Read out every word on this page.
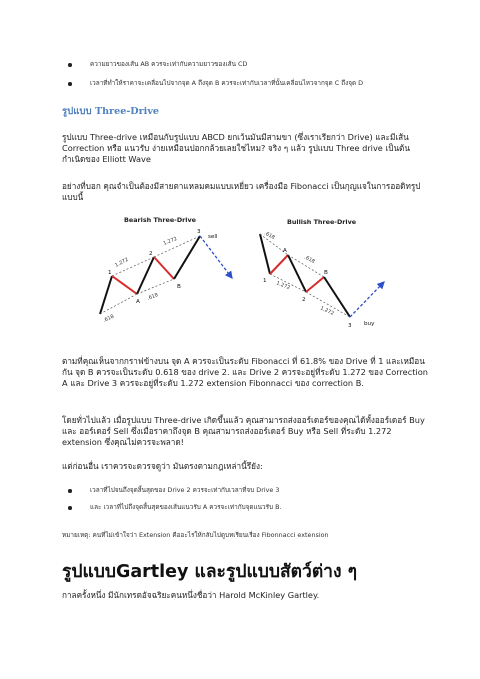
ความยาวของเส้น AB ควรจะเท่ากับความยาวของเส้น CD
เวลาที่ทำให้ราคาจะเคลื่อนไปจากจุด A ถึงจุด B ควรจะเท่ากับเวลาที่นั้นเคลื่อนไหวจากจุด C ถึงจุด D
รูปแบบ Three-Drive
รูปแบบ Three-drive เหมือนกับรูปแบบ ABCD ยกเว้นมันมีสามขา (ซึ่งเราเรียกว่า Drive) และมีเส้น Correction หรือ แนวรับ ง่ายเหมือนปอกกล้วยเลยใช่ไหม? จริง ๆ แล้ว รูปแบบ Three drive เป็นต้นกำเนิดของ Elliott Wave
อย่างที่บอก คุณจำเป็นต้องมีสายตาแหลมคมแบบเหยี่ยว เครื่องมือ Fibonacci เป็นกุญแจในการออดิทรูปแบบนี้
Bearish Three-Drive
1
A
2
B
3
sell
1.272
1.272
.618
.618
Bullish Three-Drive
1
A
2
B
3 buy
.618
.618
1.272
1.272
ตามที่คุณเห็นจากกราฟข้างบน จุด A ควรจะเป็นระดับ Fibonacci ที่ 61.8% ของ Drive ที่ 1 และเหมือนกัน จุด B ควรจะเป็นระดับ 0.618 ของ drive 2. และ Drive 2 ควรจะอยู่ที่ระดับ 1.272 ของ Correction A และ Drive 3 ควรจะอยู่ที่ระดับ 1.272 extension Fibonnacci ของ correction B.
โดยทั่วไปแล้ว เมื่อรูปแบบ Three-drive เกิดขึ้นแล้ว คุณสามารถส่งออร์เดอร์ของคุณได้ทั้งออร์เดอร์ Buy และ ออร์เดอร์ Sell ซึ่งเมื่อราคาถึงจุด B คุณสามารถส่งออร์เดอร์ Buy หรือ Sell ที่ระดับ 1.272 extension ซึ่งคุณไม่ควรจะพลาด!
แต่ก่อนอื่น เราควรจะดวรจดูว่า มันตรงตามกฎเหล่านี้รึยัง:
เวลาที่ไปจนถึงจุดสิ้นสุดของ Drive 2 ควรจะเท่ากับเวลาที่จบ Drive 3
และ เวลาที่ไปถึงจุดสิ้นสุดของเส้นแนวรับ A ควรจะเท่ากับจุดแนวรับ B.
หมายเหตุ: คนที่ไม่เข้าใจว่า Extension คืออะไรให้กลับไปดูบทเรียนเรื่อง Fibonnacci extension
รูปแบบGartley และรูปแบบสัตว์ต่าง ๆ
กาลครั้งหนึ่ง มีนักเทรดอัจฉริยะคนหนึ่งชื่อว่า Harold McKinley Gartley.
